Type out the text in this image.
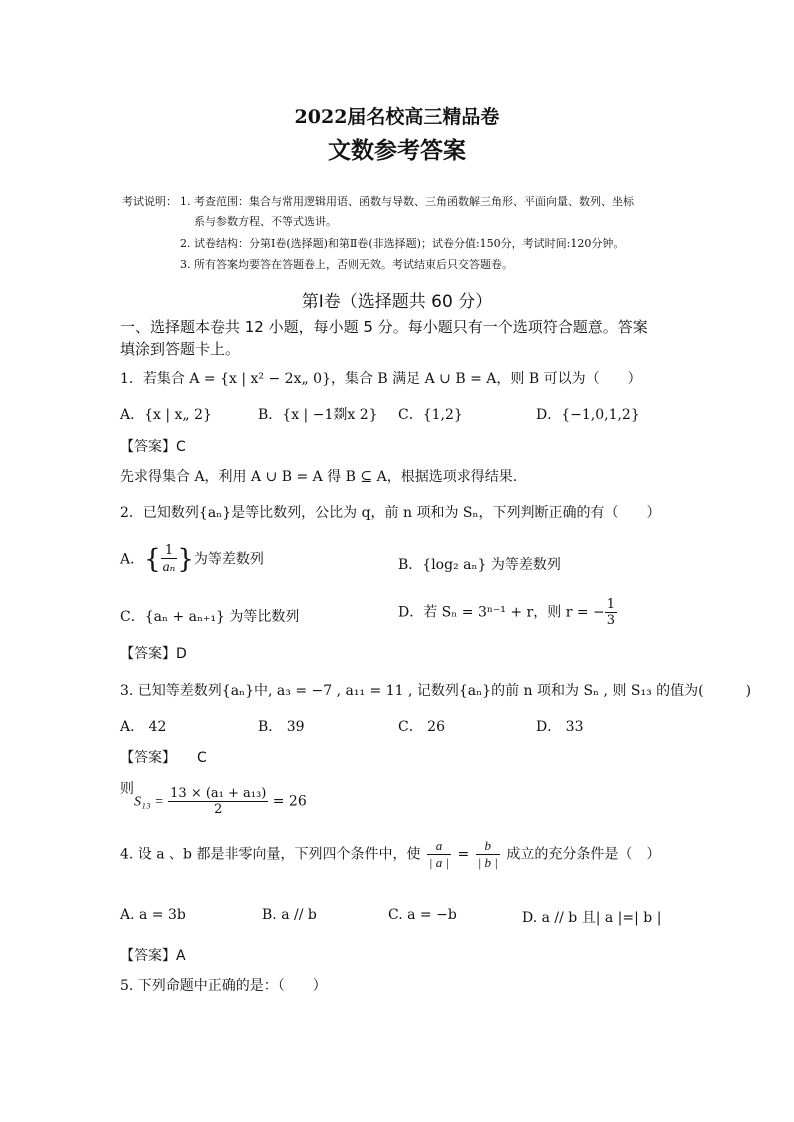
2022届名校高三精品卷
文数参考答案
考试说明： 1. 考查范围：集合与常用逻辑用语、函数与导数、三角函数解三角形、平面向量、数列、坐标
系与参数方程、不等式选讲。
2. 试卷结构：分第Ⅰ卷(选择题)和第Ⅱ卷(非选择题)；试卷分值:150分，考试时间:120分钟。
3. 所有答案均要答在答题卷上，否则无效。考试结束后只交答题卷。
第Ⅰ卷（选择题共 60 分）
一、选择题本卷共 12 小题，每小题 5 分。每小题只有一个选项符合题意。答案
填涂到答题卡上。
1．若集合 A = {x | x² − 2x„ 0}，集合 B 满足 A ∪ B = A，则 B 可以为（　　）
A．{x | x„ 2}	B．{x | −1剟x 2} C．{1,2}	D．{−1,0,1,2}
【答案】C
先求得集合 A，利用 A ∪ B = A 得 B ⊆ A，根据选项求得结果.
2．已知数列{aₙ}是等比数列，公比为 q，前 n 项和为 Sₙ，下列判断正确的有（　　）
A．{ $\frac{1}{\text{aₙ}}$ }为等差数列	B．{log₂ aₙ} 为等差数列
C．{aₙ + aₙ₊₁} 为等比数列	D．若 Sₙ = 3ⁿ⁻¹ + r，则 r = − $\frac{1}{3}$
【答案】D
3. 已知等差数列{aₙ}中, a₃ = −7 , a₁₁ = 11 , 记数列{aₙ}的前 n 项和为 Sₙ , 则 S₁₃ 的值为(　　　)
A． 42	B． 39	C． 26	D． 33
【答案】　　C
则
$S_{13} = \frac{\text{13 × (a₁ + a₁₃)}}{2} = 26$
4. 设 a 、b 都是非零向量，下列四个条件中，使 $\frac{a}{| a |} = \frac{b}{| b |}$ 成立的充分条件是（　）
A. a = 3b	B. a // b	C. a = −b	D. a // b 且| a |=| b |
【答案】A
5. 下列命题中正确的是：（　　）
